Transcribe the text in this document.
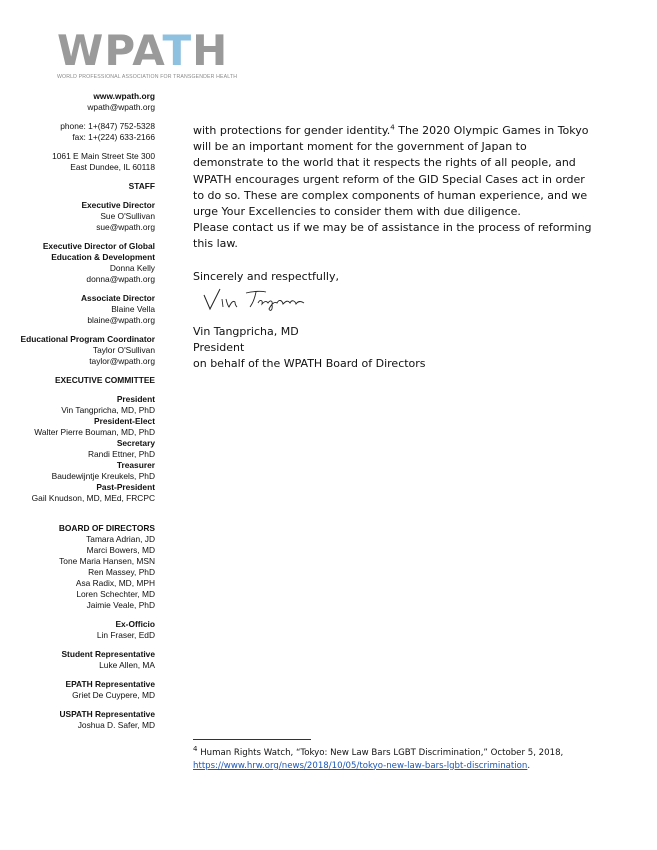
WPATH
WORLD PROFESSIONAL ASSOCIATION FOR TRANSGENDER HEALTH
www.wpath.org
wpath@wpath.org
phone: 1+(847) 752-5328
fax: 1+(224) 633-2166
1061 E Main Street Ste 300
East Dundee, IL 60118
STAFF
Executive Director
Sue O'Sullivan
sue@wpath.org
Executive Director of Global
Education & Development
Donna Kelly
donna@wpath.org
Associate Director
Blaine Vella
blaine@wpath.org
Educational Program Coordinator
Taylor O'Sullivan
taylor@wpath.org
EXECUTIVE COMMITTEE
President
Vin Tangpricha, MD, PhD
President-Elect
Walter Pierre Bouman, MD, PhD
Secretary
Randi Ettner, PhD
Treasurer
Baudewijntje Kreukels, PhD
Past-President
Gail Knudson, MD, MEd, FRCPC
BOARD OF DIRECTORS
Tamara Adrian, JD
Marci Bowers, MD
Tone Maria Hansen, MSN
Ren Massey, PhD
Asa Radix, MD, MPH
Loren Schechter, MD
Jaimie Veale, PhD
Ex-Officio
Lin Fraser, EdD
Student Representative
Luke Allen, MA
EPATH Representative
Griet De Cuypere, MD
USPATH Representative
Joshua D. Safer, MD

with protections for gender identity.$^4$ The 2020 Olympic Games in Tokyo will be an important moment for the government of Japan to demonstrate to the world that it respects the rights of all people, and WPATH encourages urgent reform of the GID Special Cases act in order to do so. These are complex components of human experience, and we urge Your Excellencies to consider them with due diligence.

Please contact us if we may be of assistance in the process of reforming this law.

Sincerely and respectfully,

Vin Tangpricha, MD
President
on behalf of the WPATH Board of Directors
$^4$ Human Rights Watch, “Tokyo: New Law Bars LGBT Discrimination,” October 5, 2018,
https://www.hrw.org/news/2018/10/05/tokyo-new-law-bars-lgbt-discrimination.
